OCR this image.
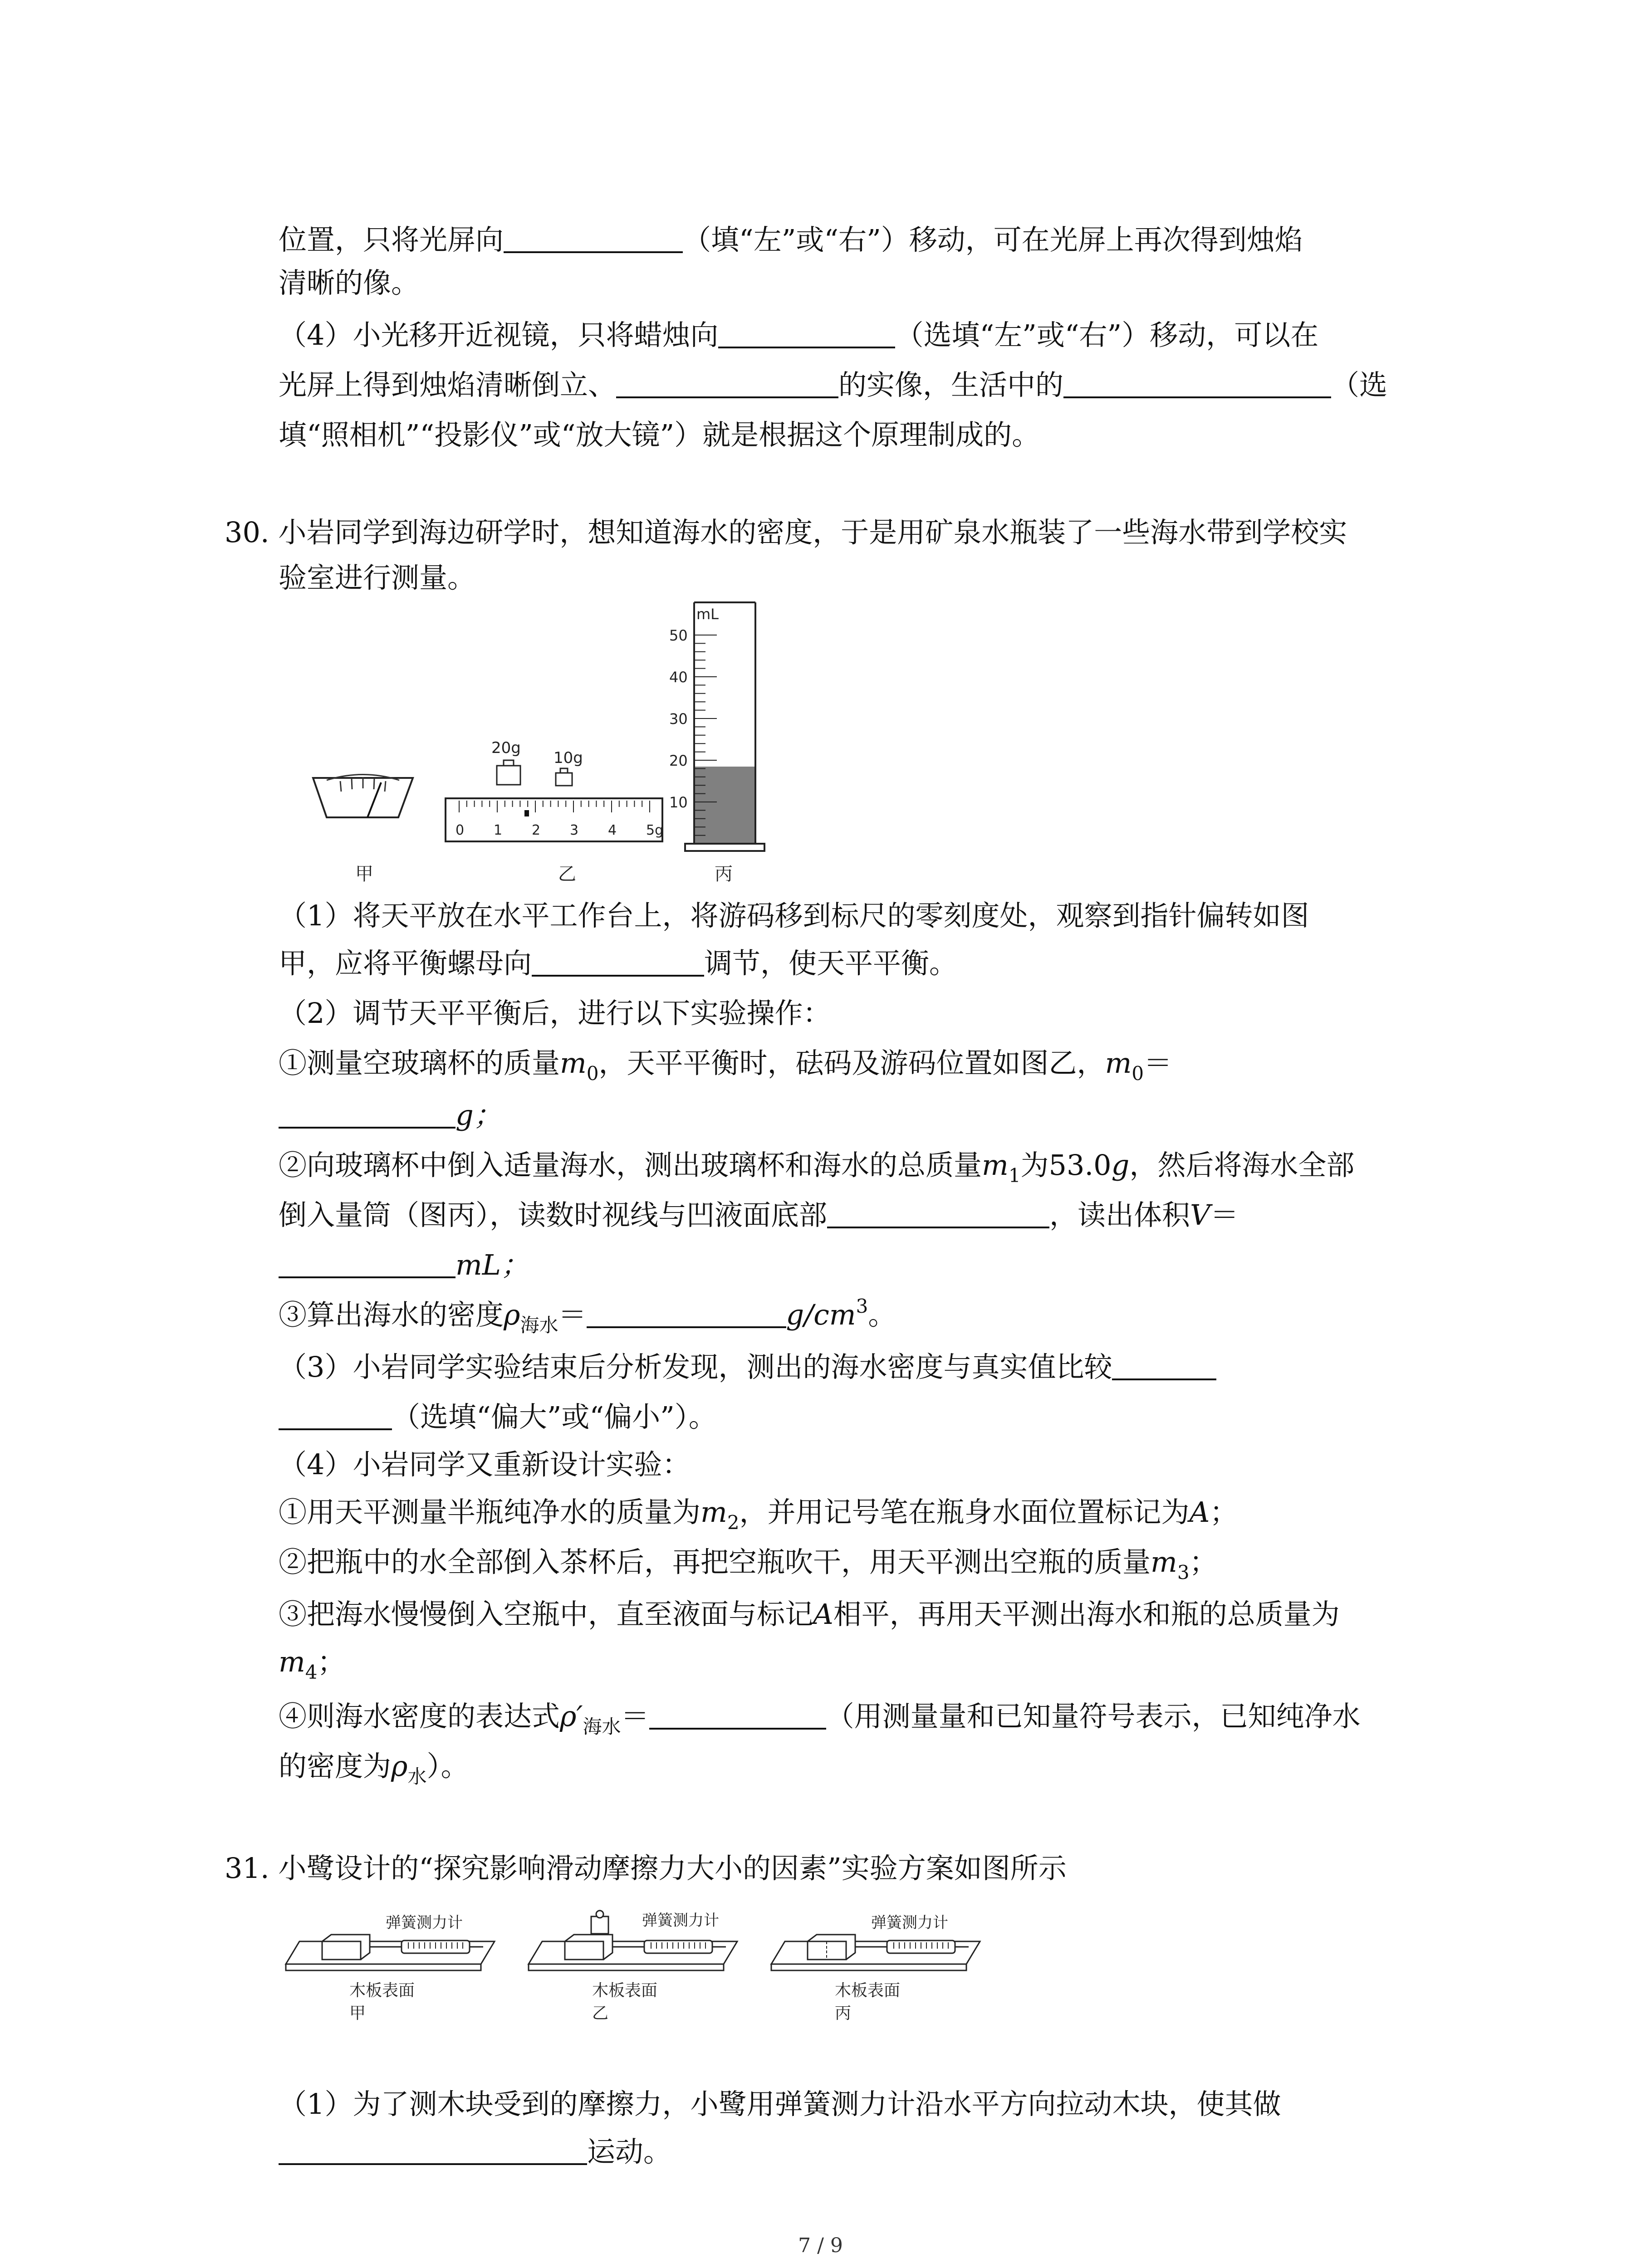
位置，只将光屏向	（填“左”或“右”）移动，可在光屏上再次得到烛焰
清晰的像。
（4）小光移开近视镜，只将蜡烛向	（选填“左”或“右”）移动，可以在
光屏上得到烛焰清晰倒立、	的实像，生活中的	（选
填“照相机”“投影仪”或“放大镜”）就是根据这个原理制成的。
30. 小岩同学到海边研学时，想知道海水的密度，于是用矿泉水瓶装了一些海水带到学校实
验室进行测量。
甲
20g
10g
0 1 2 3 4 5g
乙
mL
50
40
30
20
10
丙
（1）将天平放在水平工作台上，将游码移到标尺的零刻度处，观察到指针偏转如图
甲，应将平衡螺母向	调节，使天平平衡。
（2）调节天平平衡后，进行以下实验操作：
①测量空玻璃杯的质量$m_0$，天平平衡时，砝码及游码位置如图乙，$m_0=$
g；
②向玻璃杯中倒入适量海水，测出玻璃杯和海水的总质量$m_1$为53.0g，然后将海水全部
倒入量筒（图丙），读数时视线与凹液面底部	，读出体积V＝
mL；
③算出海水的密度$\rho_{海水}=$	$g/cm^3$。
（3）小岩同学实验结束后分析发现，测出的海水密度与真实值比较
（选填“偏大”或“偏小”）。
（4）小岩同学又重新设计实验：
①用天平测量半瓶纯净水的质量为$m_2$，并用记号笔在瓶身水面位置标记为A；
②把瓶中的水全部倒入茶杯后，再把空瓶吹干，用天平测出空瓶的质量$m_3$；
③把海水慢慢倒入空瓶中，直至液面与标记A相平，再用天平测出海水和瓶的总质量为
$m_4$；
④则海水密度的表达式$\rho'_{海水}=$	（用测量量和已知量符号表示，已知纯净水
的密度为$\rho_水$）。
31. 小鹭设计的“探究影响滑动摩擦力大小的因素”实验方案如图所示
弹簧测力计
木板表面
甲
弹簧测力计
木板表面
乙
弹簧测力计
木板表面
丙
（1）为了测木块受到的摩擦力，小鹭用弹簧测力计沿水平方向拉动木块，使其做
运动。
7 / 9
